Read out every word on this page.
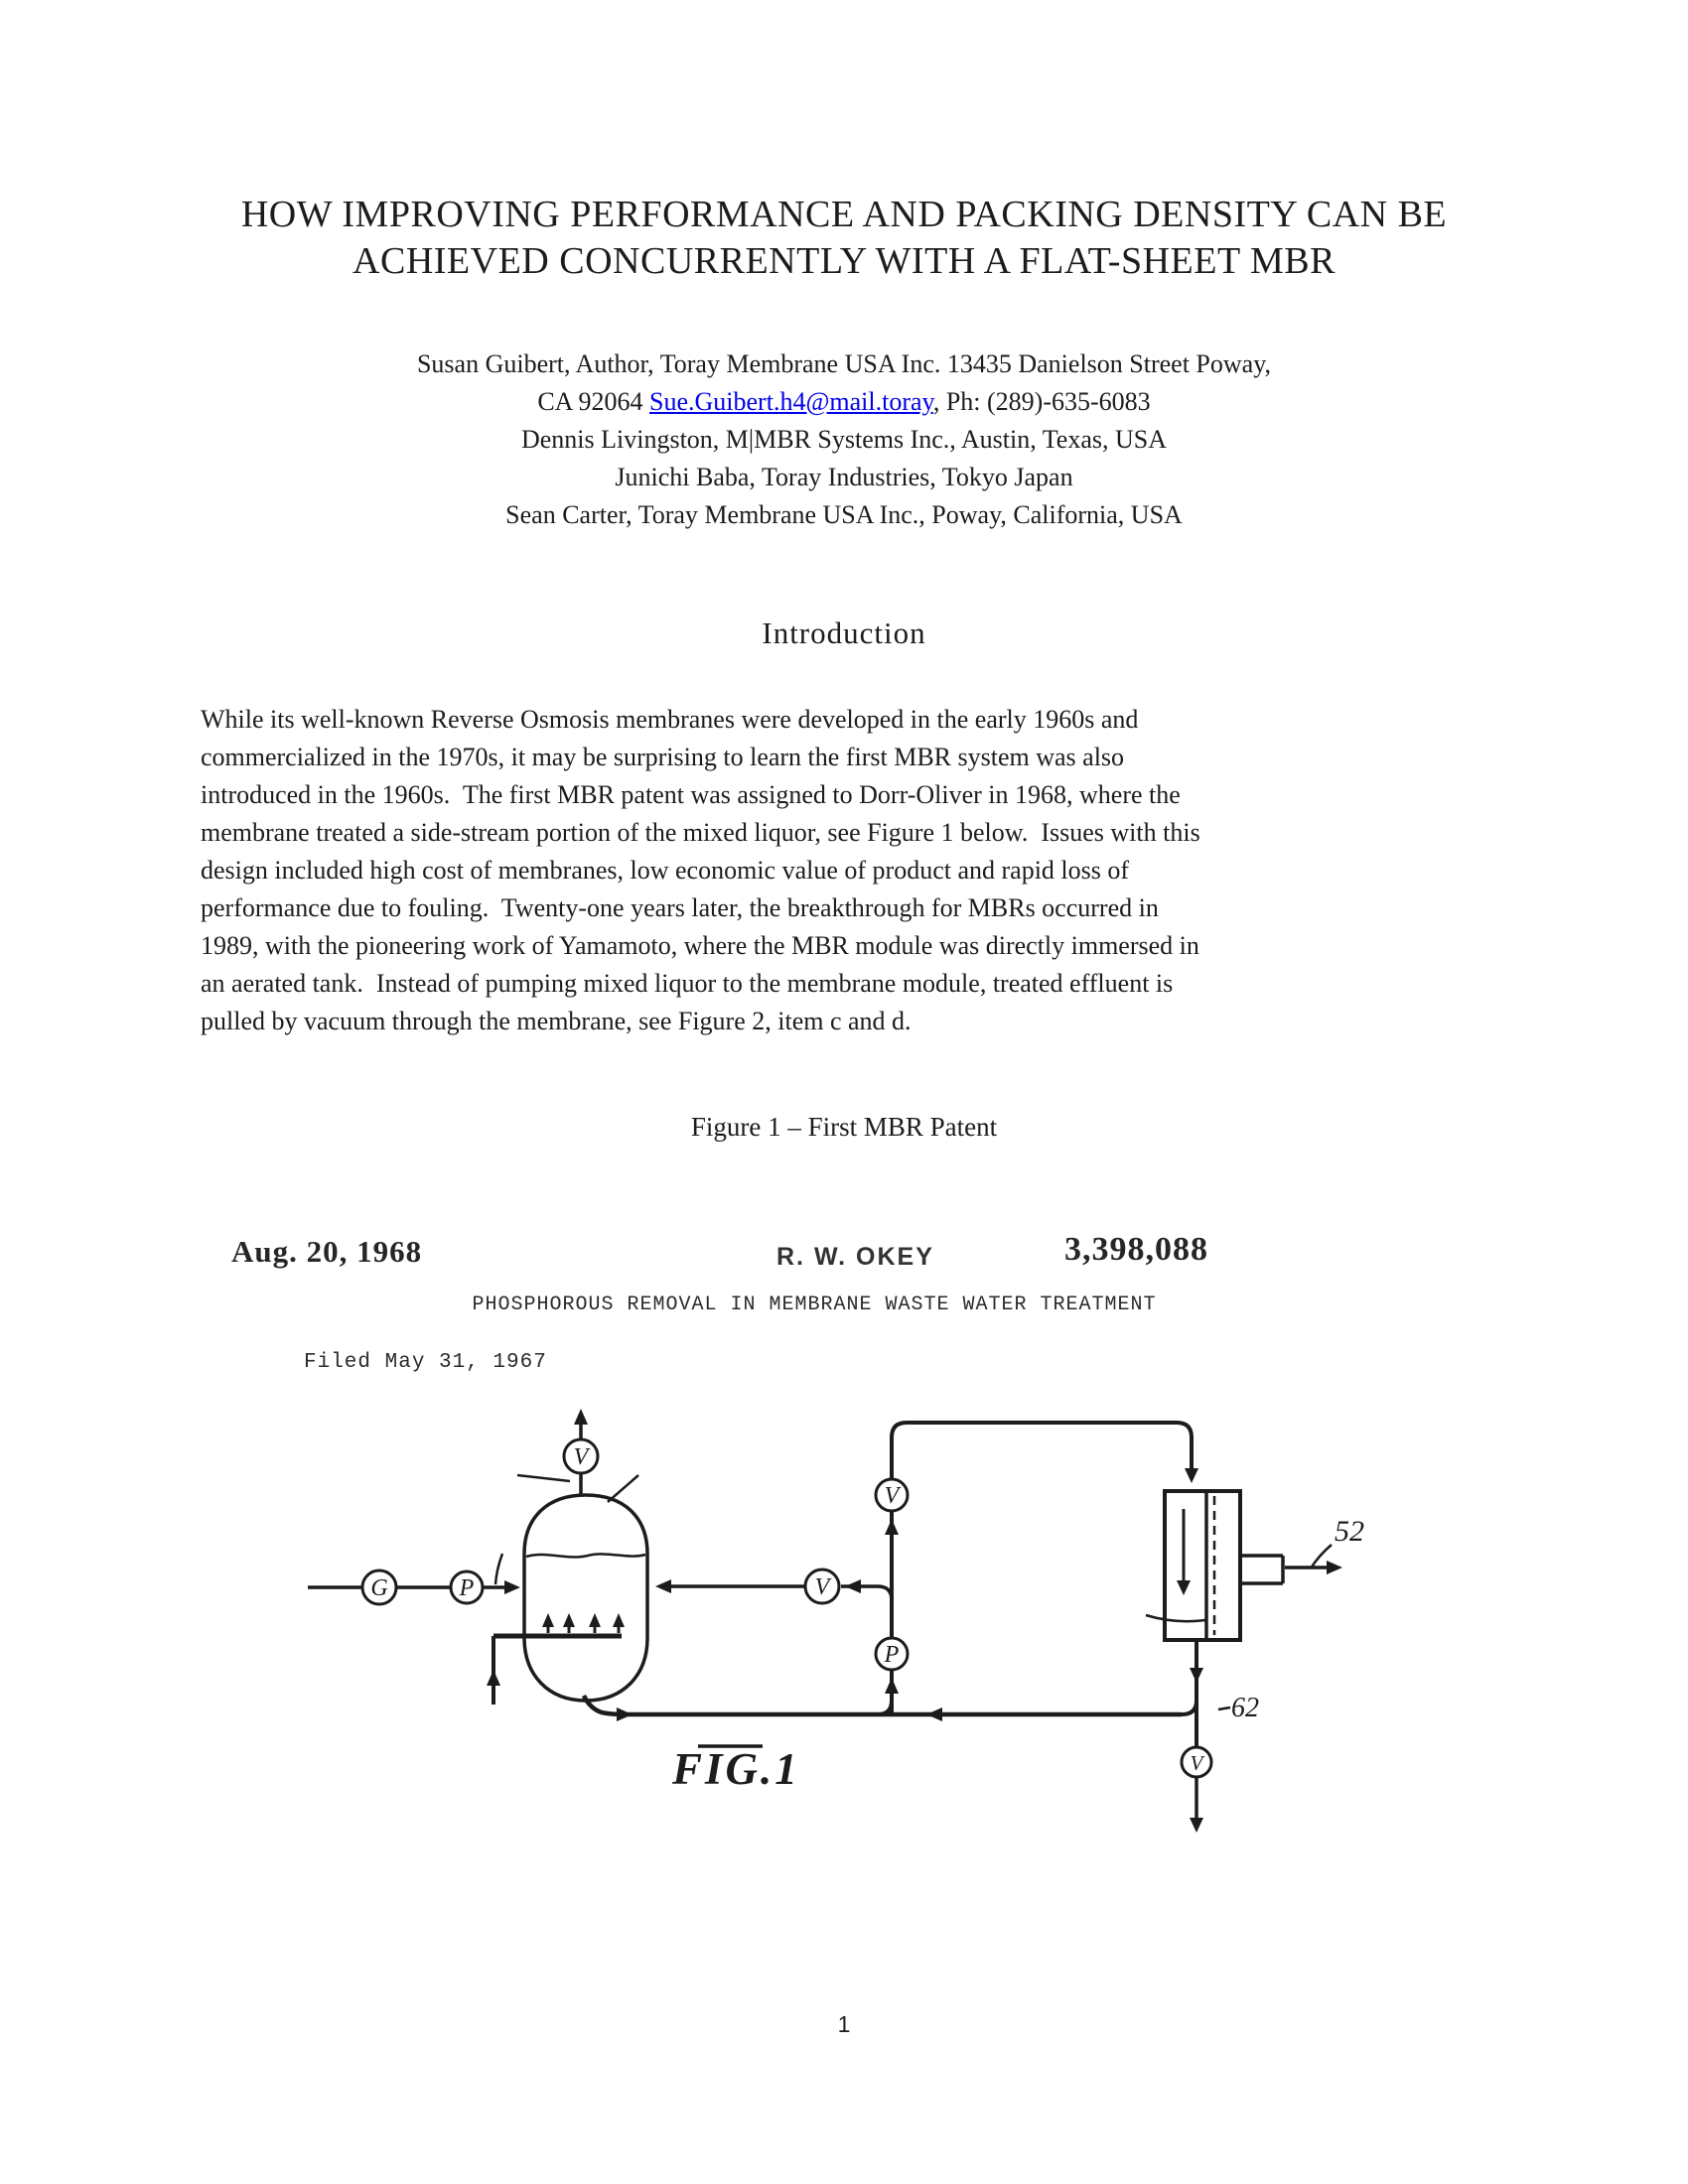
HOW IMPROVING PERFORMANCE AND PACKING DENSITY CAN BE
ACHIEVED CONCURRENTLY WITH A FLAT-SHEET MBR
Susan Guibert, Author, Toray Membrane USA Inc. 13435 Danielson Street Poway,
CA 92064 Sue.Guibert.h4@mail.toray, Ph: (289)-635-6083
Dennis Livingston, M|MBR Systems Inc., Austin, Texas, USA
Junichi Baba, Toray Industries, Tokyo Japan
Sean Carter, Toray Membrane USA Inc., Poway, California, USA
Introduction
While its well-known Reverse Osmosis membranes were developed in the early 1960s and
commercialized in the 1970s, it may be surprising to learn the first MBR system was also
introduced in the 1960s.  The first MBR patent was assigned to Dorr-Oliver in 1968, where the
membrane treated a side-stream portion of the mixed liquor, see Figure 1 below.  Issues with this
design included high cost of membranes, low economic value of product and rapid loss of
performance due to fouling.  Twenty-one years later, the breakthrough for MBRs occurred in
1989, with the pioneering work of Yamamoto, where the MBR module was directly immersed in
an aerated tank.  Instead of pumping mixed liquor to the membrane module, treated effluent is
pulled by vacuum through the membrane, see Figure 2, item c and d.
Figure 1 – First MBR Patent
Aug. 20, 1968	R. W. OKEY	3,398,088
PHOSPHOROUS REMOVAL IN MEMBRANE WASTE WATER TREATMENT
Filed May 31, 1967
G	P
V
V
P
V
52
62
V
FIG.1
1
